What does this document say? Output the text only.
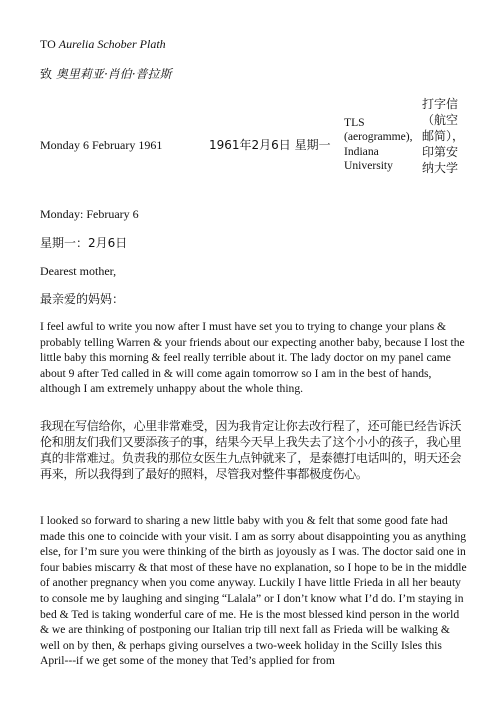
TO Aurelia Schober Plath
致 奥里莉亚·肖伯·普拉斯
Monday 6 February 1961	1961年2月6日 星期一
TLS (aerogramme), Indiana University
打字信（航空邮简），印第安纳大学
Monday: February 6
星期一：2月6日
Dearest mother,
最亲爱的妈妈：
I feel awful to write you now after I must have set you to trying to change your plans & probably telling Warren & your friends about our expecting another baby, because I lost the little baby this morning & feel really terrible about it. The lady doctor on my panel came about 9 after Ted called in & will come again tomorrow so I am in the best of hands, although I am extremely unhappy about the whole thing.
我现在写信给你，心里非常难受，因为我肯定让你去改行程了，还可能已经告诉沃伦和朋友们我们又要添孩子的事，结果今天早上我失去了这个小小的孩子，我心里真的非常难过。负责我的那位女医生九点钟就来了，是泰德打电话叫的，明天还会再来，所以我得到了最好的照料，尽管我对整件事都极度伤心。
I looked so forward to sharing a new little baby with you & felt that some good fate had made this one to coincide with your visit. I am as sorry about disappointing you as anything else, for I’m sure you were thinking of the birth as joyously as I was. The doctor said one in four babies miscarry & that most of these have no explanation, so I hope to be in the middle of another pregnancy when you come anyway. Luckily I have little Frieda in all her beauty to console me by laughing and singing “Lalala” or I don’t know what I’d do. I’m staying in bed & Ted is taking wonderful care of me. He is the most blessed kind person in the world & we are thinking of postponing our Italian trip till next fall as Frieda will be walking & well on by then, & perhaps giving ourselves a two-week holiday in the Scilly Isles this April---if we get some of the money that Ted’s applied for from
